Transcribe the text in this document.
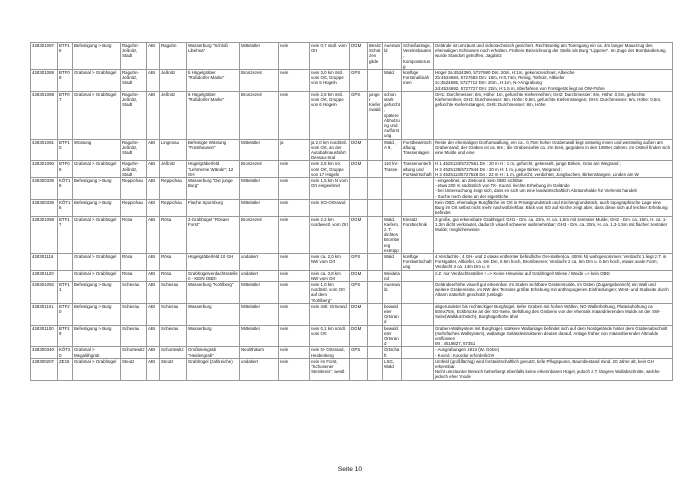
428301097	BTF16	Befestigung > Burg	Raguhn-Jeßnitz, Stadt	ABI	Raguhn	Wasserburg "Schloß Libehna"	Mittelalter	nein	nein 0,7 südl. vom Ort	DGM	Besitz Schützen gilde	Auenwald	Schießanlage, Vereinsbauten, Kompostierung	Gelände ist umzäunt und videotechnisch gesichert. Rechtsseitig am Torengang ein ca. 4m langer Mauerzug des ehemaligen Schlosses noch erhalten. Frühere Bezeichnung der Stelle als Burg "Lippene". Im Zuge der Bombardierung wurde Standort getroffen, Jagdsitz

428301089	BTF08	Grabmal > Grabhügel	Raguhn-Jeßnitz, Stadt	ABI	Jeßnitz	5 Hügelgräber "Roßdorfer Marke"	Bronzezeit	nein	nein 3,0 km östl. vom Ort, Gruppe von 5 Hügeln	GPS		Wald	künftige Forstmaßnahmen	Hügel 2a:4534390, 5727690 Dm: 20m, H:1m, gekennzeichnet, Albeiche
2b:4524684, 5727683 Dm: 18m, H:0,74m, Reisig, Totholz, Altkiefer
2c:4524685, 5727712 Dm: 20m., H:1m, N->Angrabung
2d:4524692, 5727727 Dm: 22m, H:1,5 m, überfahren von Forstgerät liegt an OW-Führe

428301088	BTF07	Grabmal > Grabhügel	Raguhn-Jeßnitz, Stadt	ABI	Jeßnitz	6 Hügelgräber "Roßdorfer Marke"	Bronzezeit	nein	nein 2,8 km östl. vom Ort, Gruppe von 6 Hügeln	GPS	junger Kiefernwald	schon stark gefurcht, spätere Abholzung und Aufforstung		GH1: Durchmesser: 8m, Höhe: 1m, gefurchte Kiefernreihen; GH2: Durchmesser: 6m, Höhe: 0,5m, gefurchte Kiefernreihen; GH3: Durchmesser: 8m, Höhe: 0,5m, gefurchte Kiefernstangen; GH4: Durchmesser: 6m, Höhe: 0,5m, gefurchte Kiefernstangen; GH5: Durchmesser: 8m, Höhe

428301091	BTF10	Wüstung	Raguhn-Jeßnitz, Stadt	ABI	Lingenau	Befestigte Wüstung "Fürsthausen"	Mittelalter	ja	ja 2,0 km nordöstl. vom Ort, an der Autobahnausfahrt Dessau-Süd	DGM		Wald , A 9,	Forstbewirtschaftung, Trassenlagen	Reste der ehemaligen Dorfumwallung, ein ca.. 0,75m hoher Grabenwall liegt ostseitig innen und westseitig außen am Grabenrand; der Graben ist ca. 8m ; die Grabensohle ca. 2m breit, gegraben in den 1990er Jahren. Im Ostteil finden sich eine Mulde und eine

428301090	BTF09	Grabmal > Grabhügel	Raguhn-Jeßnitz, Stadt	ABI	Jeßnitz	Hügelgräberfeld "Lehmerne Wände"; 12 GH	Bronzezeit	nein	nein 2,5 km nö. vom Ort, Gruppe von 17 Hügeln	DGM		110 kV-Trasse	Trassenunterhaltung und Forstwirtschaft	H 1 4525133/5727561 Dn : 20 m H : 1 m, gefurcht, gekesselt, junge Birken, Gras am Wegrand ;
H 2 4525135/5727544 Dn : 20 m H: 1 m, junge Birken, Wegrand ;
H 3 4525113/5727528 Dn : 22 m H : 1 m, gefurcht, verdichtet, Jungbuchen, Birkenstangen, Linden am W

428300339	KÖT19	Befestigung > Burg	Reppichau	ABI	Reppichau	Wasserburg "Die junge Burg"	Mittelalter	nein	nein 1,5 km N vom Ort eingeebnet					- eingeebnet, an Ziekoord. kein OBD sichtbar
- etwa 200 m südöstlich von TK- Koord. leichte Erhebung im Gelände
- bei Untersuchung zeigt sich, dass es sich um eine landwirtschaftlich Abräumhalde für Viehmist handelt
- Suche noch diese an der eigentliche

428300336	KÖT16	Befestigung > Burg	Reppichau	ABI	Reppichau	Flache Spornburg	Mittelalter	nein	nein SO-Ortsrand					Kein OBD, ehemalige Burgfläche im Ort in Privatgrundstück und Kirchengrundstück, auch topographische Lage eine Burg im Ort selbst nicht mehr nachvollziehbar. Blick von SO auf Kirche zeigt aber, dass diese sich auf leichter Erhebung befindet

428301098	BTF17	Grabmal > Grabhügel	Rösa	ABI	Rösa	3 Grabhügel "Rösaer Forst"	Bronzezeit	nein	nein 2,2 km nordwestl. vom Ort	DGM		Wald, Kiefern, z. T. dichtes Brombeerg estrüpp	Einsatz Forsttechnik	3 große, gut erkennbare Grabhügel: GH1 - Dm. ca. 22m, H. ca. 1,5m mit zentraler Mulde; GH2 - Dm. ca. 16m, H. ca. 1-1,3m dicht verkrautet, dadurch visuell schwerer wahrnehmbar; GH3 - Dm. ca. 20m, H. ca. 1,3-1,5m mit flacher zentraler Mulde; möglicherweise

428301116		Grabmal > Grabhügel	Rösa	ABI	Rösa	Hügelgräberfeld 10 GH	undatiert	nein	nein ca. 2,0 km NW vom Ort	GPS		Wald	künftige Forstwirtschaftung	4 Verdachts-, 4 GH- und 2 etwas entfernter befindliche GH-stellen(ca. 400m N) wahrgenommen: Verdacht 1 liegt z.T. in Forstgatter, Altkiefer, ca. 6m Dm, 0.5m hoch, Brombeeren; Verdacht 2 ca. 6m Dm u. 0.5m hoch, etwas ovale Form; Verdacht 3 ca. 14m Dm u. 0

428301120		Grabmal > Grabhügel	Rösa	ABI	Rösa	Grabhügelverdachtsstellen - KEIN OBD!	undatiert	nein	nein ca. 3,8 km NW vom Ort	DGM		Weideland		z.Z. nur Verdachtsstellen ! => Keine Hinweise auf Grabhügel! Wiese / Weide => kein OBD

428301092	BTF11	Befestigung > Burg	Schierau	ABI	Schierau	Wasserburg "Kohlberg"	Mittelalter	nein	nein 1,0 km nordöstl. vom Ort auf dem "Kohlberg"	GPS		Auenwald		Geländeerhöhe visuell gut erkennbar. Im Süden sichtbare Grabenmulde, im Osten (Zugangsbereich) ein Wall und weitere Grabenreste, im NW des Terrains größte Erhebung mit anthropogenen Einfriedungen; West- und Südseite durch Altarm natürlich geschützt (umlagb

428301101	BTF20	Befestigung > Burg	Schierau	ABI	Schierau	Wasserburg	Mittelalter	nein	nein östl. Ortsrand	DGM		bewaldeter Ortsrand		abgerundeter bis rechteckiger Burghügel, tiefer Graben mit hohen Wällen, NO Wallerhöhung, Plateauhöhung ca 50mx75m, Eckbrücke an der SO-Seite, Befüllung des Grabens von der ehemals mäandrierenden Mulde an der SW-Seite(Walldurchstich), Burghügelhöhe ähnl

428301100	BTF19	Befestigung > Burg	Schierau	ABI	Schierau	Wasserburg	Mittelalter	nein	nein 0,1 km nördl. vom Ort	DGM		bewaldeter Ortsrand		Graben-Wallsystem mit Burghügel, stärkere Wallanlage befindet sich auf dem Nordgelände hinter dem Grabenabschnitt (mehrfaches Wallsystem), wallartige Geländestrukturen deuten darauf, Anlage früher von mäandrierender Altmulde umflossen
MI : 4519827, 57351

428300340	KÖT20	Grabmal > Megalithgrab	Schortewitz	ABI	Schortewitz	Großsteingrab "Heidengrab"	Neolithikum	nein	nein N- Ortsrand, Heidenberg	GPS		Ortschaft		- Ausgrabungen 1913 (W. Götze)
- Koord.: Koordur erforderlich!!

428300207	ZE19	Grabmal > Grabhügel	Steutz	ABI	Steutz	Grabhügel (zahlreiche)	undatiert	nein	nein im Forst, "Schusener Steinkreis", westl.			LSG, Wald		Umfeld (großflächig) wird forstwirtschaftlich genutzt, tiefe Pflugspuren, Baumbestand mind. 20 Jahre alt, kein GH erkennbar.
Nicht umzäunter Bereich beherbergt ebenfalls keine erkennbaren Hügel, jedoch z.T. längere Wallabschnitte, welche jedoch eher 'mode
Seite 10
